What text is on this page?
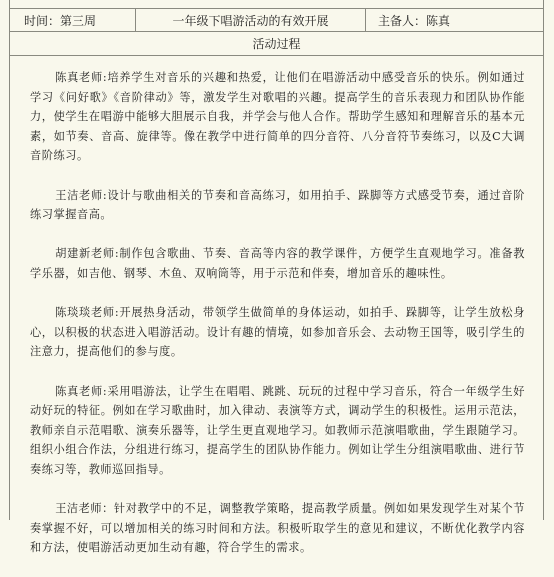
时间：第三周	一年级下唱游活动的有效开展	主备人：陈真
活动过程

陈真老师:培养学生对音乐的兴趣和热爱，让他们在唱游活动中感受音乐的快乐。例如通过学习《问好歌》《音阶律动》等，激发学生对歌唱的兴趣。提高学生的音乐表现力和团队协作能力，使学生在唱游中能够大胆展示自我，并学会与他人合作。帮助学生感知和理解音乐的基本元素，如节奏、音高、旋律等。像在教学中进行简单的四分音符、八分音符节奏练习，以及C大调音阶练习。

王洁老师:设计与歌曲相关的节奏和音高练习，如用拍手、跺脚等方式感受节奏，通过音阶练习掌握音高。

胡建新老师:制作包含歌曲、节奏、音高等内容的教学课件，方便学生直观地学习。准备教学乐器，如吉他、钢琴、木鱼、双响筒等，用于示范和伴奏，增加音乐的趣味性。

陈琰琰老师:开展热身活动，带领学生做简单的身体运动，如拍手、跺脚等，让学生放松身心，以积极的状态进入唱游活动。设计有趣的情境，如参加音乐会、去动物王国等，吸引学生的注意力，提高他们的参与度。

陈真老师:采用唱游法，让学生在唱唱、跳跳、玩玩的过程中学习音乐，符合一年级学生好动好玩的特征。例如在学习歌曲时，加入律动、表演等方式，调动学生的积极性。运用示范法，教师亲自示范唱歌、演奏乐器等，让学生更直观地学习。如教师示范演唱歌曲，学生跟随学习。组织小组合作法，分组进行练习，提高学生的团队协作能力。例如让学生分组演唱歌曲、进行节奏练习等，教师巡回指导。

王洁老师：针对教学中的不足，调整教学策略，提高教学质量。例如如果发现学生对某个节奏掌握不好，可以增加相关的练习时间和方法。积极听取学生的意见和建议，不断优化教学内容和方法，使唱游活动更加生动有趣，符合学生的需求。
